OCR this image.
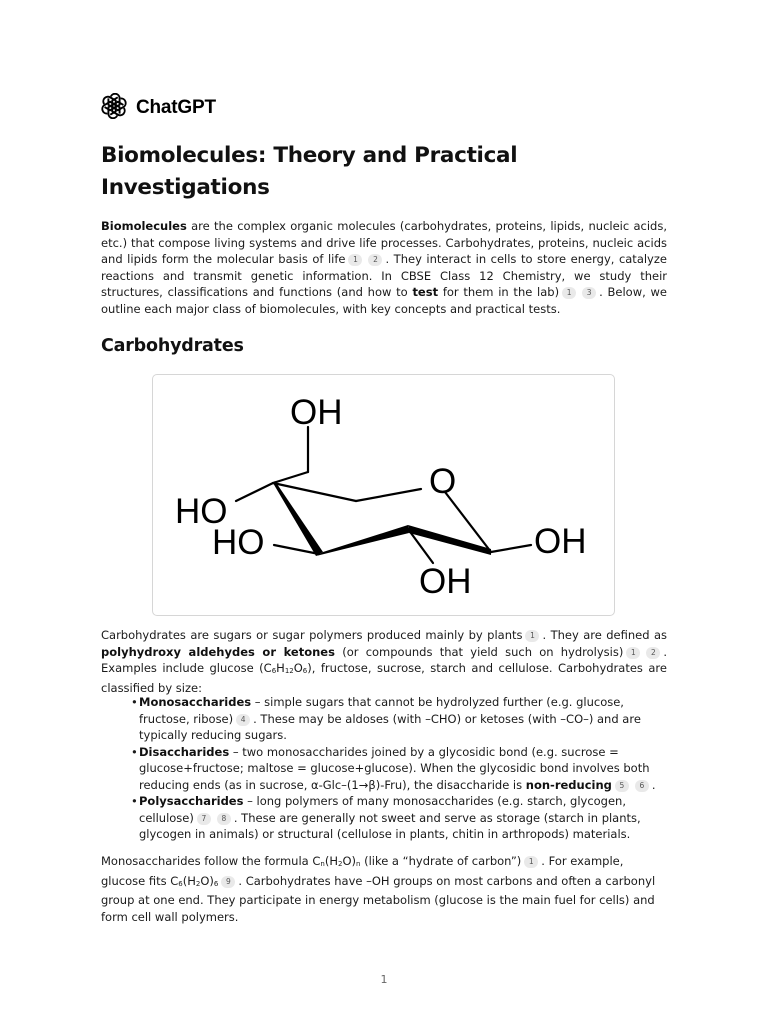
ChatGPT
Biomolecules: Theory and Practical Investigations

Biomolecules are the complex organic molecules (carbohydrates, proteins, lipids, nucleic acids, etc.) that compose living systems and drive life processes. Carbohydrates, proteins, nucleic acids and lipids form the molecular basis of life 1 2 . They interact in cells to store energy, catalyze reactions and transmit genetic information. In CBSE Class 12 Chemistry, we study their structures, classifications and functions (and how to test for them in the lab) 1 3 . Below, we outline each major class of biomolecules, with key concepts and practical tests.

Carbohydrates
OH
O
HO
HO	OH
OH

Carbohydrates are sugars or sugar polymers produced mainly by plants 1 . They are defined as polyhydroxy aldehydes or ketones (or compounds that yield such on hydrolysis) 1 2 . Examples include glucose $(C_6H_{12}O_6)$, fructose, sucrose, starch and cellulose. Carbohydrates are classified by size:

• Monosaccharides – simple sugars that cannot be hydrolyzed further (e.g. glucose, fructose, ribose) 4 . These may be aldoses (with –CHO) or ketoses (with –CO–) and are typically reducing sugars.
• Disaccharides – two monosaccharides joined by a glycosidic bond (e.g. sucrose = glucose+fructose; maltose = glucose+glucose). When the glycosidic bond involves both reducing ends (as in sucrose, α-Glc–(1→β)-Fru), the disaccharide is non-reducing 5 6 .
• Polysaccharides – long polymers of many monosaccharides (e.g. starch, glycogen, cellulose) 7 8 . These are generally not sweet and serve as storage (starch in plants, glycogen in animals) or structural (cellulose in plants, chitin in arthropods) materials.

Monosaccharides follow the formula $C_n(H_2O)_n$ (like a “hydrate of carbon”) 1 . For example, glucose fits $C_6(H_2O)_6$ 9 . Carbohydrates have –OH groups on most carbons and often a carbonyl group at one end. They participate in energy metabolism (glucose is the main fuel for cells) and form cell wall polymers.

1
